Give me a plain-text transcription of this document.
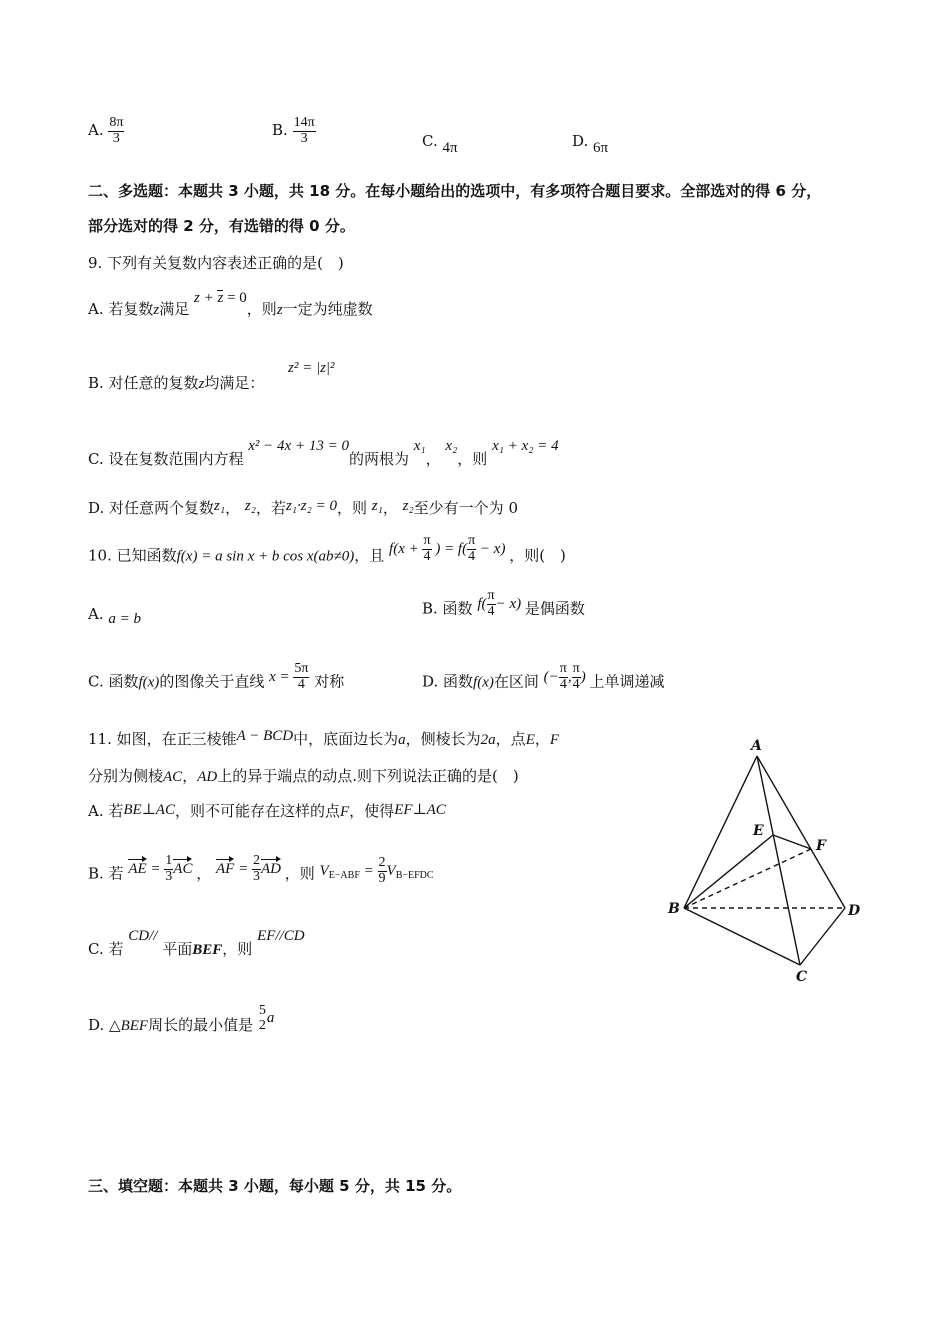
A. $\frac{8\pi}{3}$	B. $\frac{14\pi}{3}$	C. 4π	D. 6π
二、多选题：本题共 3 小题，共 18 分。在每小题给出的选项中，有多项符合题目要求。全部选对的得 6 分，
部分选对的得 2 分，有选错的得 0 分。
9. 下列有关复数内容表述正确的是(　)
A. 若复数z满足 z + z = 0，则z一定为纯虚数
B. 对任意的复数z均满足：
z² = |z|²
C. 设在复数范围内方程 x² − 4x + 13 = 0的两根为 x₁， x₂，则 x₁ + x₂ = 4
D. 对任意两个复数z₁， z₂，若z₁·z₂ = 0，则 z₁， z₂至少有一个为 0
10. 已知函数f(x) = a sin x + b cos x(ab≠0)，且 $f(x + \frac{\pi}{4}$ ) = $f( \frac{\pi}{4} - x)$ ，则(　)
A. a = b
B. 函数 $f( \frac{\pi}{4} - x)$ 是偶函数
C. 函数f(x)的图像关于直线 $x = \frac{5\pi}{4}$ 对称	D. 函数f(x)在区间 (− $\frac{\pi}{4}$ , $\frac{\pi}{4}$ ) 上单调递减
11. 如图，在正三棱锥A − BCD中，底面边长为a，侧棱长为2a，点E，F
分别为侧棱AC，AD上的异于端点的动点.则下列说法正确的是(　)
A. 若BE⊥AC，则不可能存在这样的点F，使得EF⊥AC
B. 若 AE = $\frac{1}{3}$ AC ， AF = $\frac{2}{3}$ AD ，则 $V_{E-ABF} = \frac{2}{9} V_{B-EFDC}$
C. 若 CD// 平面BEF，则 EF//CD
D. △BEF周长的最小值是
5
2 a
A
B
C
D
E
F
三、填空题：本题共 3 小题，每小题 5 分，共 15 分。
